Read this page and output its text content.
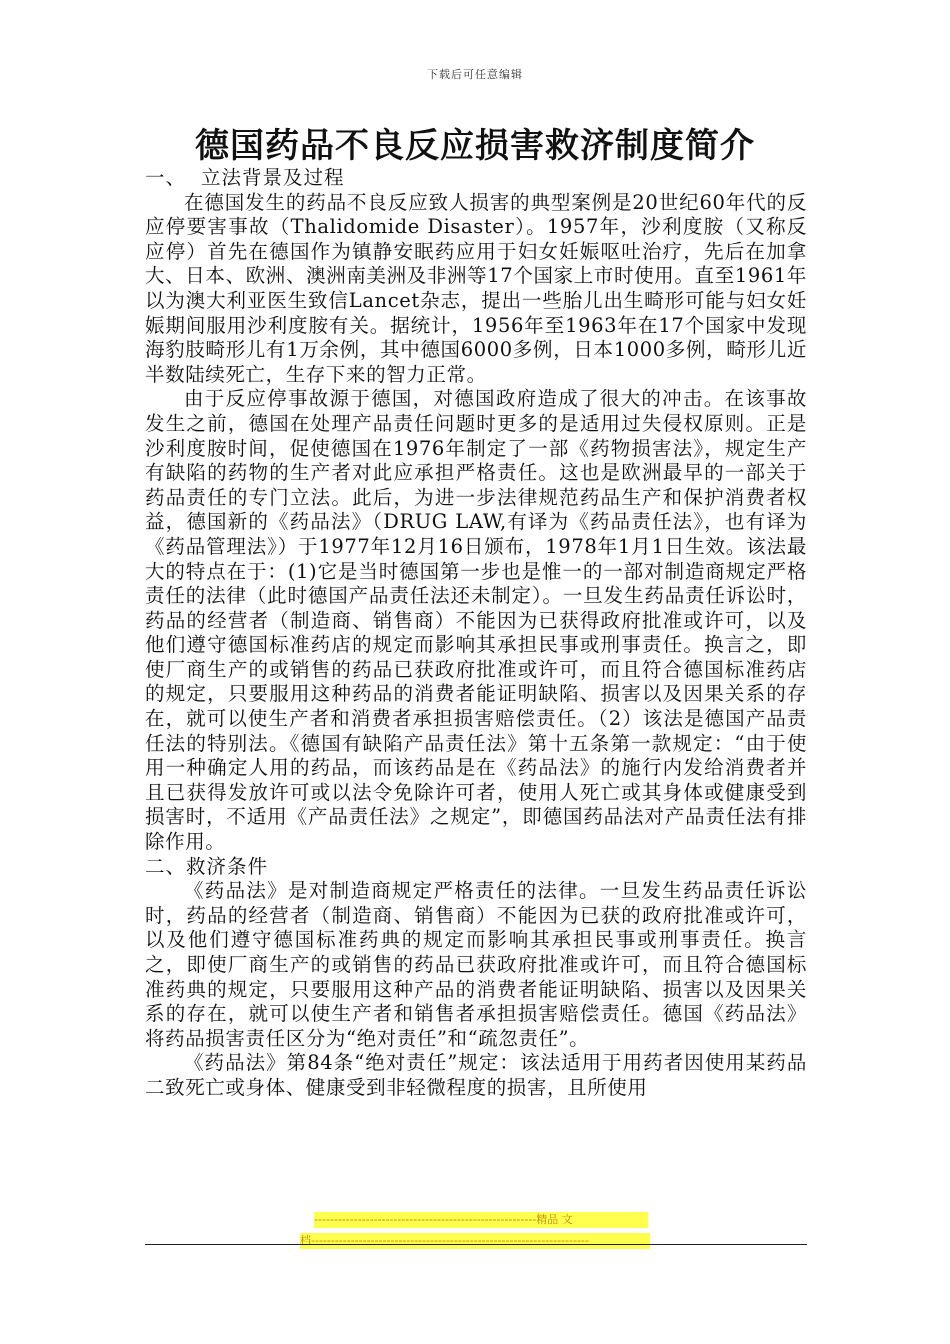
下载后可任意编辑
德国药品不良反应损害救济制度简介

一、 立法背景及过程

在德国发生的药品不良反应致人损害的典型案例是20世纪60年代的反应停要害事故（Thalidomide Disaster）。1957年，沙利度胺（又称反应停）首先在德国作为镇静安眠药应用于妇女妊娠呕吐治疗，先后在加拿大、日本、欧洲、澳洲南美洲及非洲等17个国家上市时使用。直至1961年以为澳大利亚医生致信Lancet杂志，提出一些胎儿出生畸形可能与妇女妊娠期间服用沙利度胺有关。据统计，1956年至1963年在17个国家中发现海豹肢畸形儿有1万余例，其中德国6000多例，日本1000多例，畸形儿近半数陆续死亡，生存下来的智力正常。

由于反应停事故源于德国，对德国政府造成了很大的冲击。在该事故发生之前，德国在处理产品责任问题时更多的是适用过失侵权原则。正是沙利度胺时间，促使德国在1976年制定了一部《药物损害法》，规定生产有缺陷的药物的生产者对此应承担严格责任。这也是欧洲最早的一部关于药品责任的专门立法。此后，为进一步法律规范药品生产和保护消费者权益，德国新的《药品法》（DRUG LAW,有译为《药品责任法》，也有译为《药品管理法》）于1977年12月16日颁布，1978年1月1日生效。该法最大的特点在于：(1)它是当时德国第一步也是惟一的一部对制造商规定严格责任的法律（此时德国产品责任法还未制定）。一旦发生药品责任诉讼时，药品的经营者（制造商、销售商）不能因为已获得政府批准或许可，以及他们遵守德国标准药店的规定而影响其承担民事或刑事责任。换言之，即使厂商生产的或销售的药品已获政府批准或许可，而且符合德国标准药店的规定，只要服用这种药品的消费者能证明缺陷、损害以及因果关系的存在，就可以使生产者和消费者承担损害赔偿责任。（2）该法是德国产品责任法的特别法。《德国有缺陷产品责任法》第十五条第一款规定：“由于使用一种确定人用的药品，而该药品是在《药品法》的施行内发给消费者并且已获得发放许可或以法令免除许可者，使用人死亡或其身体或健康受到损害时，不适用《产品责任法》之规定”，即德国药品法对产品责任法有排除作用。

二、救济条件

《药品法》是对制造商规定严格责任的法律。一旦发生药品责任诉讼时，药品的经营者（制造商、销售商）不能因为已获的政府批准或许可，以及他们遵守德国标准药典的规定而影响其承担民事或刑事责任。换言之，即使厂商生产的或销售的药品已获政府批准或许可，而且符合德国标准药典的规定，只要服用这种产品的消费者能证明缺陷、损害以及因果关系的存在，就可以使生产者和销售者承担损害赔偿责任。德国《药品法》将药品损害责任区分为“绝对责任”和“疏忽责任”。

《药品法》第84条“绝对责任”规定：该法适用于用药者因使用某药品二致死亡或身体、健康受到非轻微程度的损害，且所使用

--------------------------------------------------------精品 文
档----------------------------------------------------------------------
